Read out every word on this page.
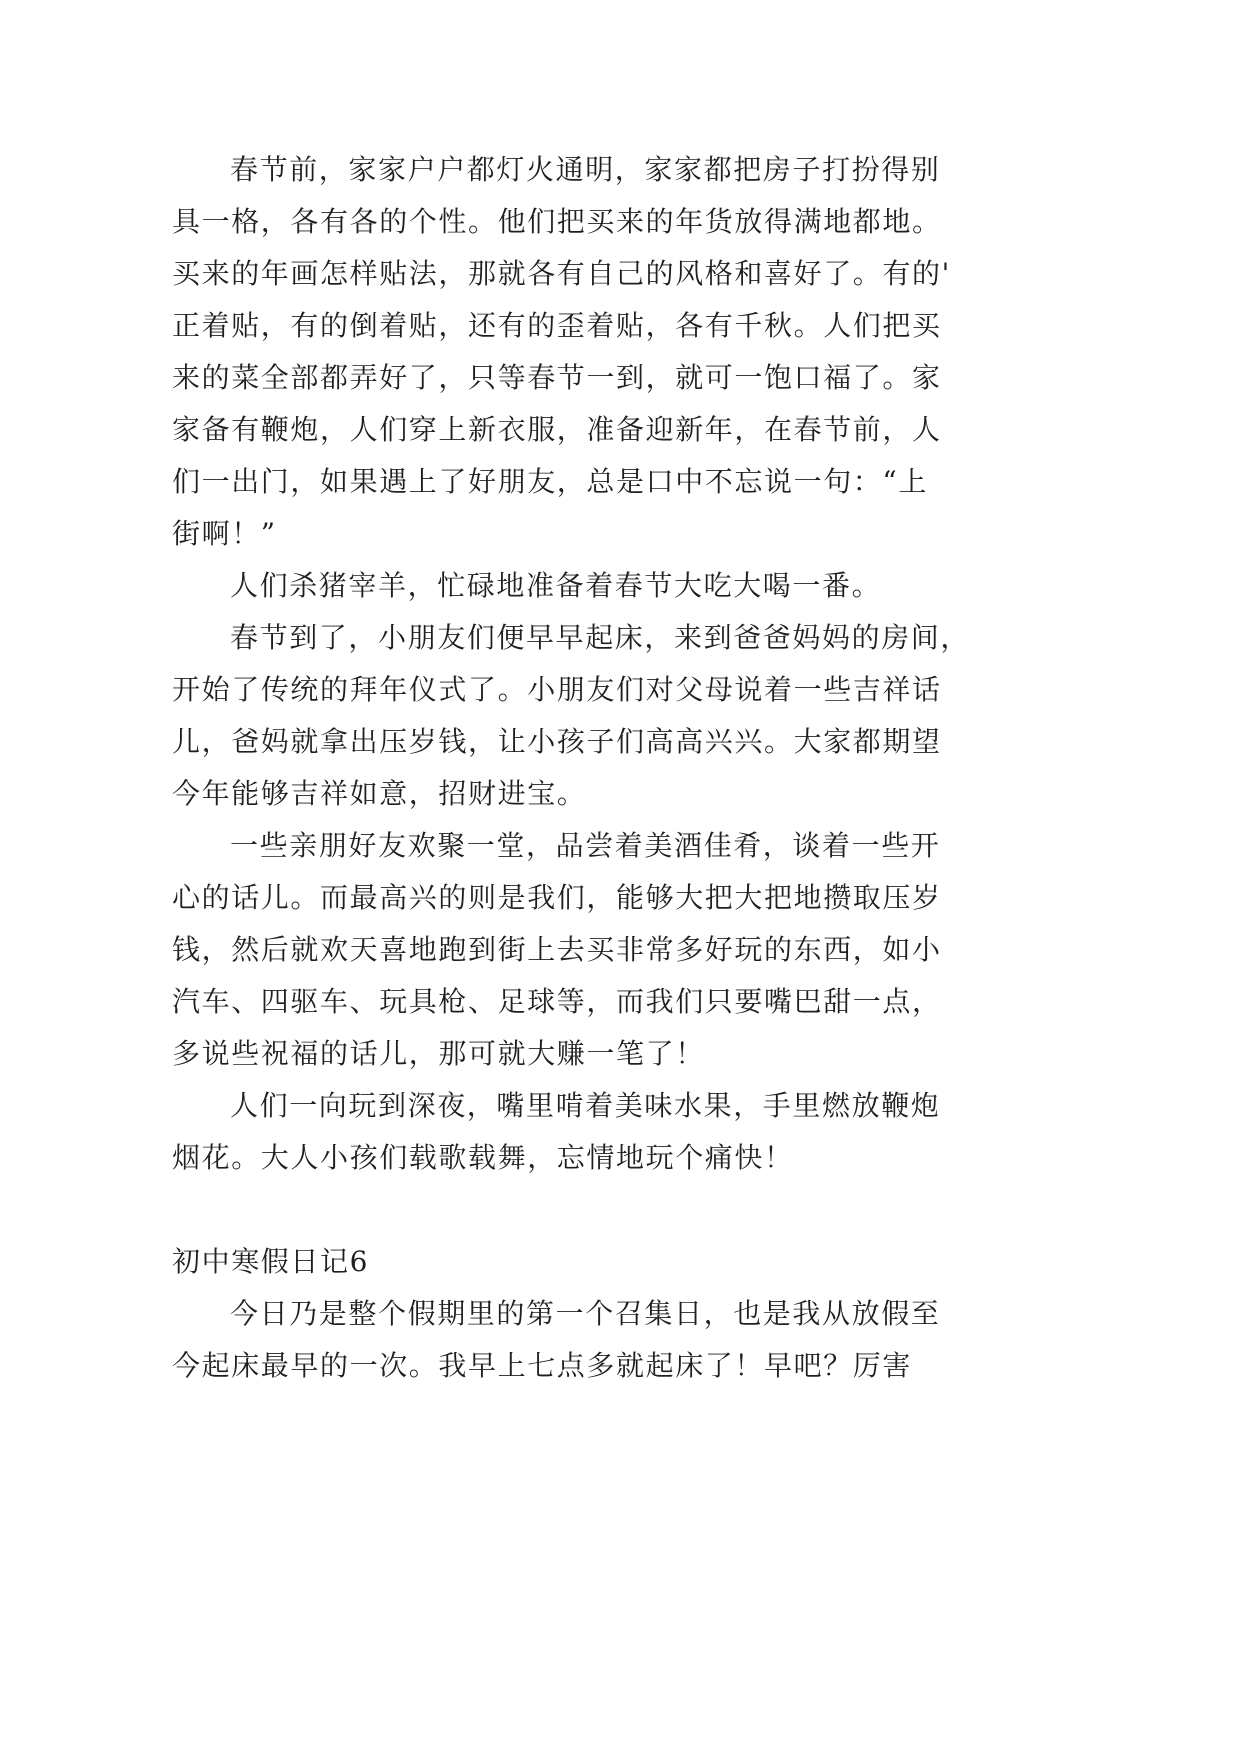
春节前，家家户户都灯火通明，家家都把房子打扮得别
具一格，各有各的个性。他们把买来的年货放得满地都地。
买来的年画怎样贴法，那就各有自己的风格和喜好了。有的'
正着贴，有的倒着贴，还有的歪着贴，各有千秋。人们把买
来的菜全部都弄好了，只等春节一到，就可一饱口福了。家
家备有鞭炮，人们穿上新衣服，准备迎新年，在春节前，人
们一出门，如果遇上了好朋友，总是口中不忘说一句：“上
街啊！”
人们杀猪宰羊，忙碌地准备着春节大吃大喝一番。
春节到了，小朋友们便早早起床，来到爸爸妈妈的房间，
开始了传统的拜年仪式了。小朋友们对父母说着一些吉祥话
儿，爸妈就拿出压岁钱，让小孩子们高高兴兴。大家都期望
今年能够吉祥如意，招财进宝。
一些亲朋好友欢聚一堂，品尝着美酒佳肴，谈着一些开
心的话儿。而最高兴的则是我们，能够大把大把地攒取压岁
钱，然后就欢天喜地跑到街上去买非常多好玩的东西，如小
汽车、四驱车、玩具枪、足球等，而我们只要嘴巴甜一点，
多说些祝福的话儿，那可就大赚一笔了！
人们一向玩到深夜，嘴里啃着美味水果，手里燃放鞭炮
烟花。大人小孩们载歌载舞，忘情地玩个痛快！
初中寒假日记6
今日乃是整个假期里的第一个召集日，也是我从放假至
今起床最早的一次。我早上七点多就起床了！早吧？厉害
